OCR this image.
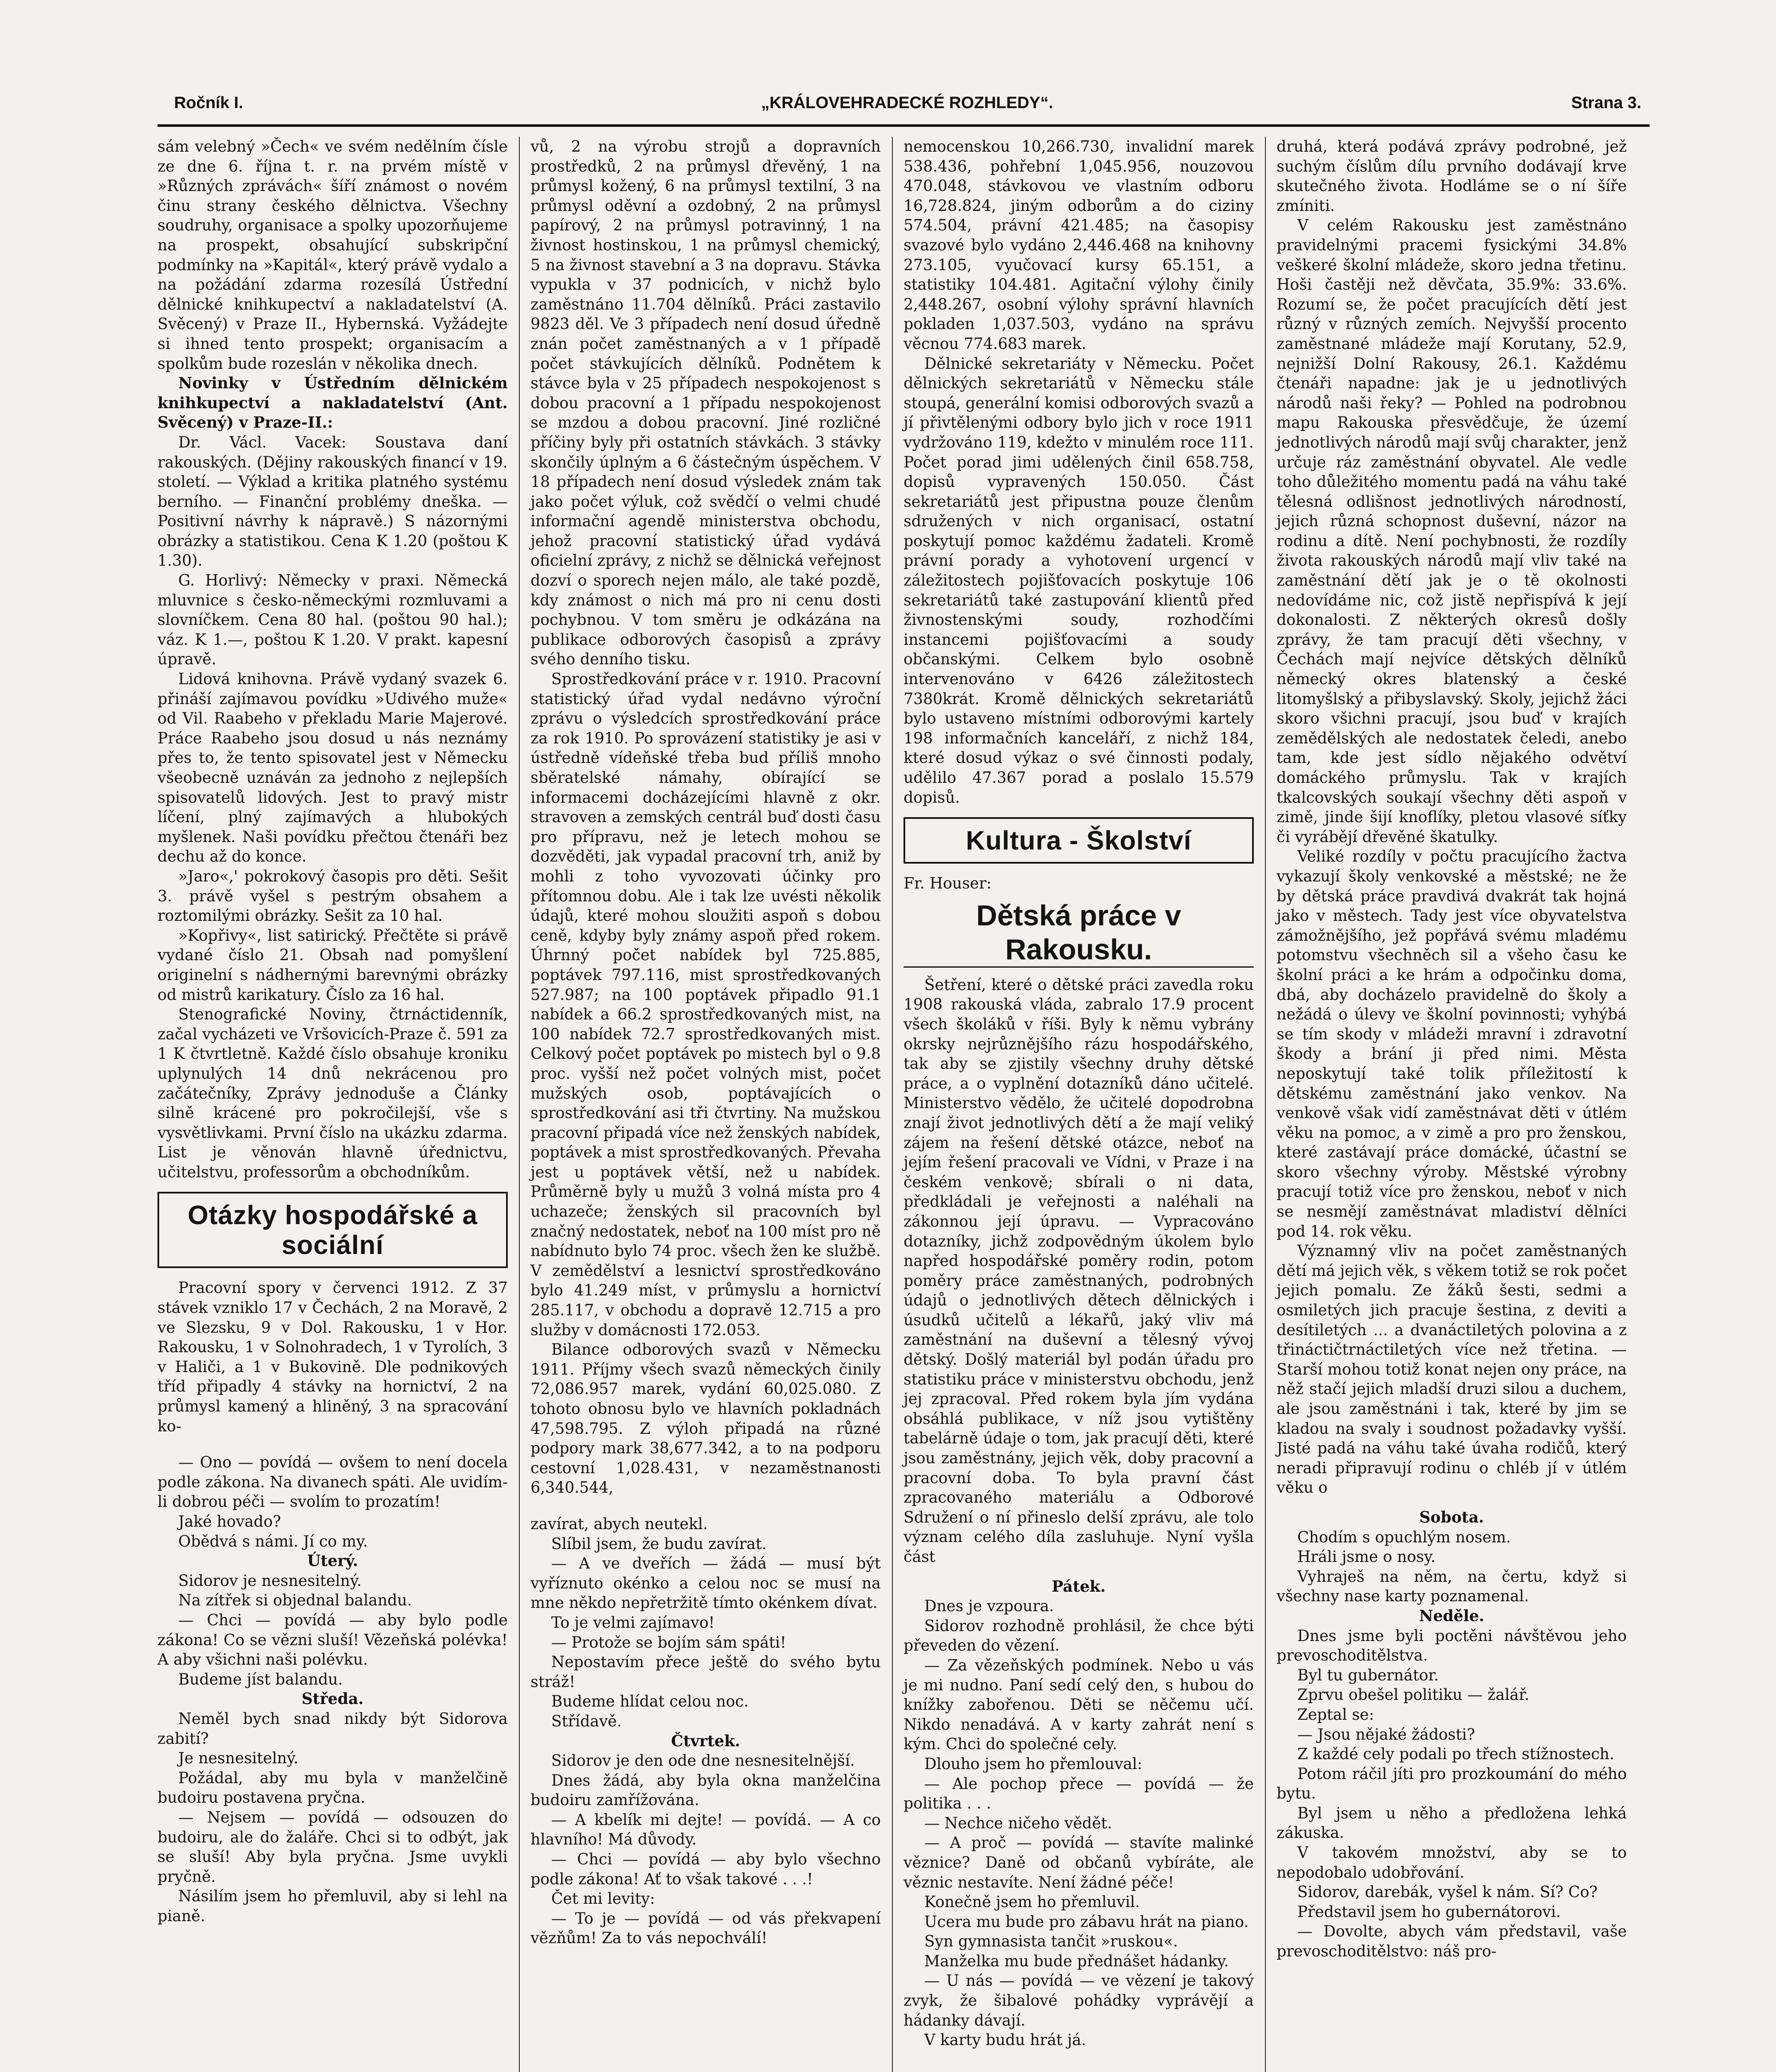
Ročník I.	„KRÁLOVEHRADECKÉ ROZHLEDY“.	Strana 3.

sám velebný »Čech« ve svém nedělním čísle ze dne 6. října t. r. na prvém místě v »Různých zprávách« šíří známost o novém činu strany českého dělnictva. Všechny soudruhy, organisace a spolky upozorňujeme na prospekt, obsahující subskripční podmínky na »Kapitál«, který právě vydalo a na požádání zdarma rozesílá Ústřední dělnické knihkupectví a nakladatelství (A. Svěcený) v Praze II., Hybernská. Vyžádejte si ihned tento prospekt; organisacím a spolkům bude rozeslán v několika dnech.

Novinky v Ústředním dělnickém knihkupectví a nakladatelství (Ant. Svěcený) v Praze-II.:

Dr. Václ. Vacek: Soustava daní rakouských. (Dějiny rakouských financí v 19. století. — Výklad a kritika platného systému berního. — Finanční problémy dneška. — Positivní návrhy k nápravě.) S názornými obrázky a statistikou. Cena K 1.20 (poštou K 1.30).

G. Horlivý: Německy v praxi. Německá mluvnice s česko-německými rozmluvami a slovníčkem. Cena 80 hal. (poštou 90 hal.); váz. K 1.—, poštou K 1.20. V prakt. kapesní úpravě.

Lidová knihovna. Právě vydaný svazek 6. přináší zajímavou povídku »Udivého muže« od Vil. Raabeho v překladu Marie Majerové. Práce Raabeho jsou dosud u nás neznámy přes to, že tento spisovatel jest v Německu všeobecně uznáván za jednoho z nejlepších spisovatelů lidových. Jest to pravý mistr líčení, plný zajímavých a hlubokých myšlenek. Naši povídku přečtou čtenáři bez dechu až do konce.

»Jaro«,' pokrokový časopis pro děti. Sešit 3. právě vyšel s pestrým obsahem a roztomilými obrázky. Sešit za 10 hal.

»Kopřivy«, list satirický. Přečtěte si právě vydané číslo 21. Obsah nad pomyšlení originelní s nádhernými barevnými obrázky od mistrů karikatury. Číslo za 16 hal.

Stenografické Noviny, čtrnáctidenník, začal vycházeti ve Vršovicích-Praze č. 591 za 1 K čtvrtletně. Každé číslo obsahuje kroniku uplynulých 14 dnů nekrácenou pro začátečníky, Zprávy jednoduše a Články silně krácené pro pokročilejší, vše s vysvětlivkami. První číslo na ukázku zdarma. List je věnován hlavně úřednictvu, učitelstvu, professorům a obchodníkům.

Otázky hospodářské a sociální

Pracovní spory v červenci 1912. Z 37 stávek vzniklo 17 v Čechách, 2 na Moravě, 2 ve Slezsku, 9 v Dol. Rakousku, 1 v Hor. Rakousku, 1 v Solnohradech, 1 v Tyrolích, 3 v Haliči, a 1 v Bukovině. Dle podnikových tříd připadly 4 stávky na hornictví, 2 na průmysl kamený a hliněný, 3 na spracování ko-

— Ono — povídá — ovšem to není docela podle zákona. Na divanech spáti. Ale uvidím-li dobrou péči — svolím to prozatím!

Jaké hovado?

Obědvá s námi. Jí co my.

Úterý.

Sidorov je nesnesitelný.

Na zítřek si objednal balandu.

— Chci — povídá — aby bylo podle zákona! Co se vězni sluší! Vězeňská polévka! A aby všichni naši polévku.

Budeme jíst balandu.

Středa.

Neměl bych snad nikdy být Sidorova zabití?

Je nesnesitelný.

Požádal, aby mu byla v manželčině budoiru postavena pryčna.

— Nejsem — povídá — odsouzen do budoiru, ale do žaláře. Chci si to odbýt, jak se sluší! Aby byla pryčna. Jsme uvykli pryčně.

Násilím jsem ho přemluvil, aby si lehl na pianě.

vů, 2 na výrobu strojů a dopravních prostředků, 2 na průmysl dřevěný, 1 na průmysl kožený, 6 na průmysl textilní, 3 na průmysl oděvní a ozdobný, 2 na průmysl papírový, 2 na průmysl potravinný, 1 na živnost hostinskou, 1 na průmysl chemický, 5 na živnost stavební a 3 na dopravu. Stávka vypukla v 37 podnicích, v nichž bylo zaměstnáno 11.704 dělníků. Práci zastavilo 9823 děl. Ve 3 případech není dosud úředně znán počet zaměstnaných a v 1 případě počet stávkujících dělníků. Podnětem k stávce byla v 25 případech nespokojenost s dobou pracovní a 1 případu nespokojenost se mzdou a dobou pracovní. Jiné rozličné příčiny byly při ostatních stávkách. 3 stávky skončily úplným a 6 částečným úspěchem. V 18 případech není dosud výsledek znám tak jako počet výluk, což svědčí o velmi chudé informační agendě ministerstva obchodu, jehož pracovní statistický úřad vydává oficielní zprávy, z nichž se dělnická veřejnost dozví o sporech nejen málo, ale také pozdě, kdy známost o nich má pro ni cenu dosti pochybnou. V tom směru je odkázána na publikace odborových časopisů a zprávy svého denního tisku.

Sprostředkování práce v r. 1910. Pracovní statistický úřad vydal nedávno výroční zprávu o výsledcích sprostředkování práce za rok 1910. Po sprovázení statistiky je asi v ústředně vídeňské třeba bud příliš mnoho sběratelské námahy, obírající se informacemi docházejícími hlavně z okr. stravoven a zemských centrál buď dosti času pro přípravu, než je letech mohou se dozvěděti, jak vypadal pracovní trh, aniž by mohli z toho vyvozovati účinky pro přítomnou dobu. Ale i tak lze uvésti několik údajů, které mohou sloužiti aspoň s dobou ceně, kdyby byly známy aspoň před rokem. Úhrnný počet nabídek byl 725.885, poptávek 797.116, mist sprostředkovaných 527.987; na 100 poptávek připadlo 91.1 nabídek a 66.2 sprostředkovaných mist, na 100 nabídek 72.7 sprostředkovaných mist. Celkový počet poptávek po mistech byl o 9.8 proc. vyšší než počet volných mist, počet mužských osob, poptávajících o sprostředkování asi tři čtvrtiny. Na mužskou pracovní připadá více než ženských nabídek, poptávek a mist sprostředkovaných. Převaha jest u poptávek větší, než u nabídek. Průměrně byly u mužů 3 volná místa pro 4 uchazeče; ženských sil pracovních byl značný nedostatek, neboť na 100 míst pro ně nabídnuto bylo 74 proc. všech žen ke službě. V zemědělství a lesnictví sprostředkováno bylo 41.249 míst, v průmyslu a hornictví 285.117, v obchodu a dopravě 12.715 a pro služby v domácnosti 172.053.

Bilance odborových svazů v Německu 1911. Příjmy všech svazů německých činily 72,086.957 marek, vydání 60,025.080. Z tohoto obnosu bylo ve hlavních pokladnách 47,598.795. Z výloh připadá na různé podpory mark 38,677.342, a to na podporu cestovní 1,028.431, v nezaměstnanosti 6,340.544,

zavírat, abych neutekl.

Slíbil jsem, že budu zavírat.

— A ve dveřích — žádá — musí být vyříznuto okénko a celou noc se musí na mne někdo nepřetržitě tímto okénkem dívat.

To je velmi zajímavo!

— Protože se bojím sám spáti!

Nepostavím přece ještě do svého bytu stráž!

Budeme hlídat celou noc.

Střídavě.

Čtvrtek.

Sidorov je den ode dne nesnesitelnější.

Dnes žádá, aby byla okna manželčina budoiru zamřížována.

— A kbelík mi dejte! — povídá. — A co hlavního! Má důvody.

— Chci — povídá — aby bylo všechno podle zákona! Ať to však takové . . .!

Čet mi levity:

— To je — povídá — od vás překvapení vězňům! Za to vás nepochválí!

nemocenskou 10,266.730, invalidní marek 538.436, pohřební 1,045.956, nouzovou 470.048, stávkovou ve vlastním odboru 16,728.824, jiným odborům a do ciziny 574.504, právní 421.485; na časopisy svazové bylo vydáno 2,446.468 na knihovny 273.105, vyučovací kursy 65.151, a statistiky 104.481. Agitační výlohy činily 2,448.267, osobní výlohy správní hlavních pokladen 1,037.503, vydáno na správu věcnou 774.683 marek.

Dělnické sekretariáty v Německu. Počet dělnických sekretariátů v Německu stále stoupá, generální komisi odborových svazů a jí přivtělenými odbory bylo jich v roce 1911 vydržováno 119, kdežto v minulém roce 111. Počet porad jimi udělených činil 658.758, dopisů vypravených 150.050. Část sekretariátů jest připustna pouze členům sdružených v nich organisací, ostatní poskytují pomoc každému žadateli. Kromě právní porady a vyhotovení urgencí v záležitostech pojišťovacích poskytuje 106 sekretariátů také zastupování klientů před živnostenskými soudy, rozhodčími instancemi pojišťovacími a soudy občanskými. Celkem bylo osobně intervenováno v 6426 záležitostech 7380krát. Kromě dělnických sekretariátů bylo ustaveno místními odborovými kartely 198 informačních kanceláří, z nichž 184, které dosud výkaz o své činnosti podaly, udělilo 47.367 porad a poslalo 15.579 dopisů.

Kultura - Školství

Fr. Houser:

Dětská práce v Rakousku.

Šetření, které o dětské práci zavedla roku 1908 rakouská vláda, zabralo 17.9 procent všech školáků v říši. Byly k němu vybrány okrsky nejrůznějšího rázu hospodářského, tak aby se zjistily všechny druhy dětské práce, a o vyplnění dotazníků dáno učitelé. Ministerstvo vědělo, že učitelé dopodrobna znají život jednotlivých dětí a že mají veliký zájem na řešení dětské otázce, neboť na jejím řešení pracovali ve Vídni, v Praze i na českém venkově; sbírali o ni data, předkládali je veřejnosti a naléhali na zákonnou její úpravu. — Vypracováno dotazníky, jichž zodpovědným úkolem bylo napřed hospodářské poměry rodin, potom poměry práce zaměstnaných, podrobných údajů o jednotlivých dětech dělnických i úsudků učitelů a lékařů, jaký vliv má zaměstnání na duševní a tělesný vývoj dětský. Došlý materiál byl podán úřadu pro statistiku práce v ministerstvu obchodu, jenž jej zpracoval. Před rokem byla jím vydána obsáhlá publikace, v níž jsou vytištěny tabelárně údaje o tom, jak pracují děti, které jsou zaměstnány, jejich věk, doby pracovní a pracovní doba. To byla pravní část zpracovaného materiálu a Odborové Sdružení o ní přineslo delší zprávu, ale tolo význam celého díla zasluhuje. Nyní vyšla část

Pátek.

Dnes je vzpoura.

Sidorov rozhodně prohlásil, že chce býti převeden do vězení.

— Za vězeňských podmínek. Nebo u vás je mi nudno. Paní sedí celý den, s hubou do knížky zabořenou. Děti se něčemu učí. Nikdo nenadává. A v karty zahrát není s kým. Chci do společné cely.

Dlouho jsem ho přemlouval:

— Ale pochop přece — povídá — že politika . . .

— Nechce ničeho vědět.

— A proč — povídá — stavíte malinké věznice? Daně od občanů vybíráte, ale věznic nestavíte. Není žádné péče!

Konečně jsem ho přemluvil.

Ucera mu bude pro zábavu hrát na piano.

Syn gymnasista tančit »ruskou«.

Manželka mu bude přednášet hádanky.

— U nás — povídá — ve vězení je takový zvyk, že šibalové pohádky vyprávějí a hádanky dávají.

V karty budu hrát já.

druhá, která podává zprávy podrobné, jež suchým číslům dílu prvního dodávají krve skutečného života. Hodláme se o ní šíře zmíniti.

V celém Rakousku jest zaměstnáno pravidelnými pracemi fysickými 34.8% veškeré školní mládeže, skoro jedna třetinu. Hoši častěji než děvčata, 35.9%: 33.6%. Rozumí se, že počet pracujících dětí jest různý v různých zemích. Nejvyšší procento zaměstnané mládeže mají Korutany, 52.9, nejnižší Dolní Rakousy, 26.1. Každému čtenáři napadne: jak je u jednotlivých národů naši řeky? — Pohled na podrobnou mapu Rakouska přesvědčuje, že území jednotlivých národů mají svůj charakter, jenž určuje ráz zaměstnání obyvatel. Ale vedle toho důležitého momentu padá na váhu také tělesná odlišnost jednotlivých národností, jejich různá schopnost duševní, názor na rodinu a dítě. Není pochybnosti, že rozdíly života rakouských národů mají vliv také na zaměstnání dětí jak je o tě okolnosti nedovídáme nic, což jistě nepřispívá k její dokonalosti. Z některých okresů došly zprávy, že tam pracují děti všechny, v Čechách mají nejvíce dětských dělníků německý okres blatenský a české litomyšlský a přibyslavský. Skoly, jejichž žáci skoro všichni pracují, jsou buď v krajích zemědělských ale nedostatek čeledi, anebo tam, kde jest sídlo nějakého odvětví domáckého průmyslu. Tak v krajích tkalcovských soukají všechny děti aspoň v zimě, jinde šijí knoflíky, pletou vlasové síťky či vyrábějí dřevěné škatulky.

Veliké rozdíly v počtu pracujícího žactva vykazují školy venkovské a městské; ne že by dětská práce pravdivá dvakrát tak hojná jako v městech. Tady jest více obyvatelstva zámožnějšího, jež popřává svému mladému potomstvu všechněch sil a všeho času ke školní práci a ke hrám a odpočinku doma, dbá, aby docházelo pravidelně do školy a nežádá o úlevy ve školní povinnosti; vyhýbá se tím skody v mládeži mravní i zdravotní škody a brání ji před nimi. Města neposkytují také tolik příležitostí k dětskému zaměstnání jako venkov. Na venkově však vidí zaměstnávat děti v útlém věku na pomoc, a v zimě a pro pro ženskou, které zastávají práce domácké, účastní se skoro všechny výroby. Městské výrobny pracují totiž více pro ženskou, neboť v nich se nesmějí zaměstnávat mladiství dělníci pod 14. rok věku.

Významný vliv na počet zaměstnaných dětí má jejich věk, s věkem totiž se rok počet jejich pomalu. Ze žáků šesti, sedmi a osmiletých jich pracuje šestina, z deviti a desítiletých ... a dvanáctiletých polovina a z třináctičtrnáctiletých více než třetina. — Starší mohou totiž konat nejen ony práce, na něž stačí jejich mladší druzi silou a duchem, ale jsou zaměstnáni i tak, které by jim se kladou na svaly i soudnost požadavky vyšší. Jisté padá na váhu také úvaha rodičů, který neradi připravují rodinu o chléb jí v útlém věku o

Sobota.

Chodím s opuchlým nosem.

Hráli jsme o nosy.

Vyhraješ na něm, na čertu, když si všechny nase karty poznamenal.

Neděle.

Dnes jsme byli poctěni návštěvou jeho prevoschoditělstva.

Byl tu gubernátor.

Zprvu obešel politiku — žalář.

Zeptal se:

— Jsou nějaké žádosti?

Z každé cely podali po třech stížnostech.

Potom ráčil jíti pro prozkoumání do mého bytu.

Byl jsem u něho a předložena lehká zákuska.

V takovém množství, aby se to nepodobalo udobřování.

Sidorov, darebák, vyšel k nám. Sí? Co?

Představil jsem ho gubernátorovi.

— Dovolte, abych vám představil, vaše prevoschoditělstvo: náš pro-
